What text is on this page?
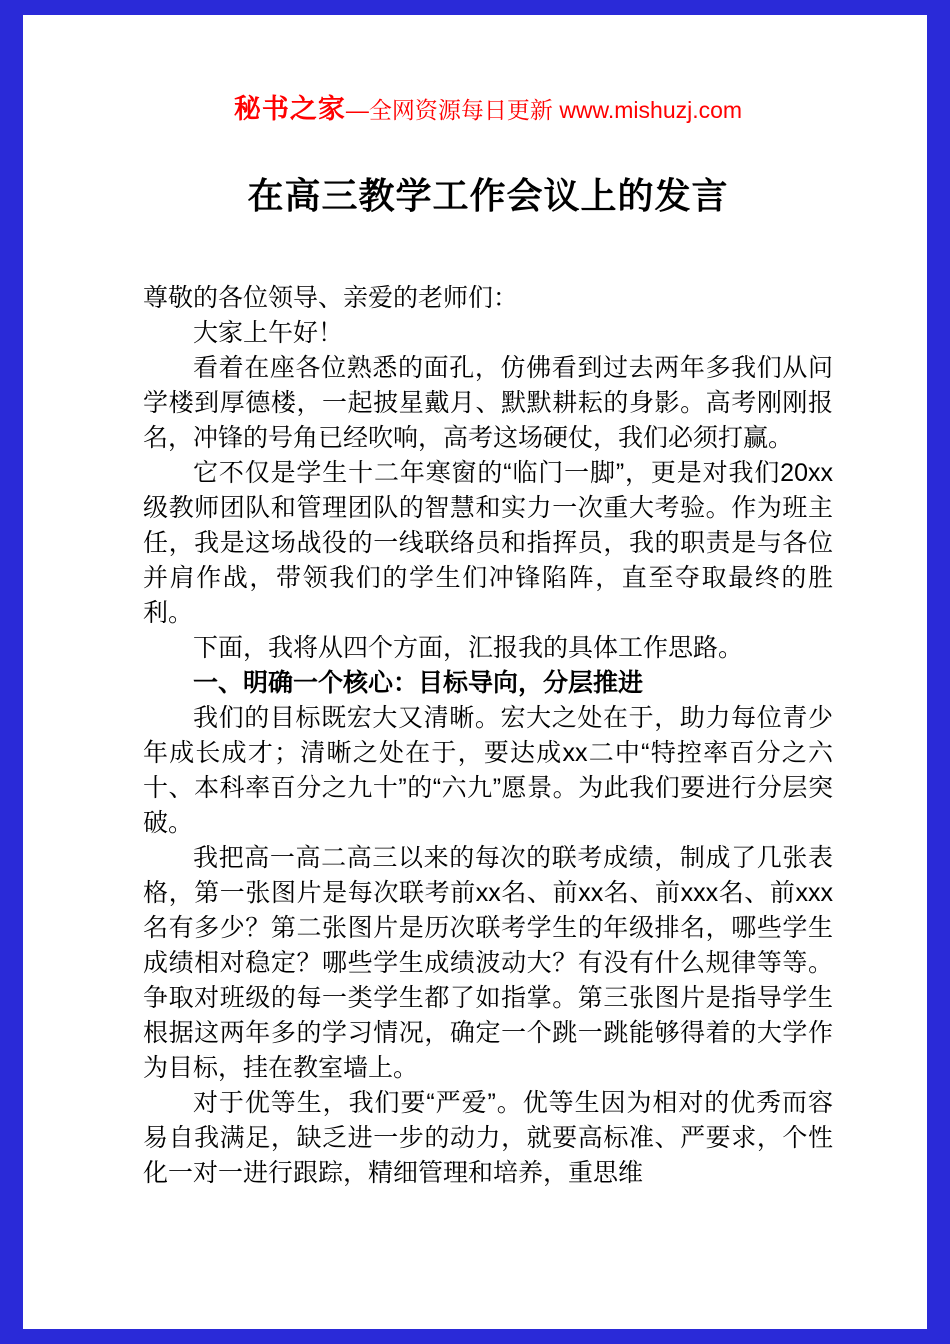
秘书之家—全网资源每日更新 www.mishuzj.com
在高三教学工作会议上的发言

尊敬的各位领导、亲爱的老师们：

大家上午好！

看着在座各位熟悉的面孔，仿佛看到过去两年多我们从问学楼到厚德楼，一起披星戴月、默默耕耘的身影。高考刚刚报名，冲锋的号角已经吹响，高考这场硬仗，我们必须打赢。

它不仅是学生十二年寒窗的“临门一脚”，更是对我们20xx级教师团队和管理团队的智慧和实力一次重大考验。作为班主任，我是这场战役的一线联络员和指挥员，我的职责是与各位并肩作战，带领我们的学生们冲锋陷阵，直至夺取最终的胜利。

下面，我将从四个方面，汇报我的具体工作思路。

一、明确一个核心：目标导向，分层推进

我们的目标既宏大又清晰。宏大之处在于，助力每位青少年成长成才；清晰之处在于，要达成xx二中“特控率百分之六十、本科率百分之九十”的“六九”愿景。为此我们要进行分层突破。

我把高一高二高三以来的每次的联考成绩，制成了几张表格，第一张图片是每次联考前xx名、前xx名、前xxx名、前xxx名有多少？第二张图片是历次联考学生的年级排名，哪些学生成绩相对稳定？哪些学生成绩波动大？有没有什么规律等等。争取对班级的每一类学生都了如指掌。第三张图片是指导学生根据这两年多的学习情况，确定一个跳一跳能够得着的大学作为目标，挂在教室墙上。

对于优等生，我们要“严爱”。优等生因为相对的优秀而容易自我满足，缺乏进一步的动力，就要高标准、严要求，个性化一对一进行跟踪，精细管理和培养，重思维
